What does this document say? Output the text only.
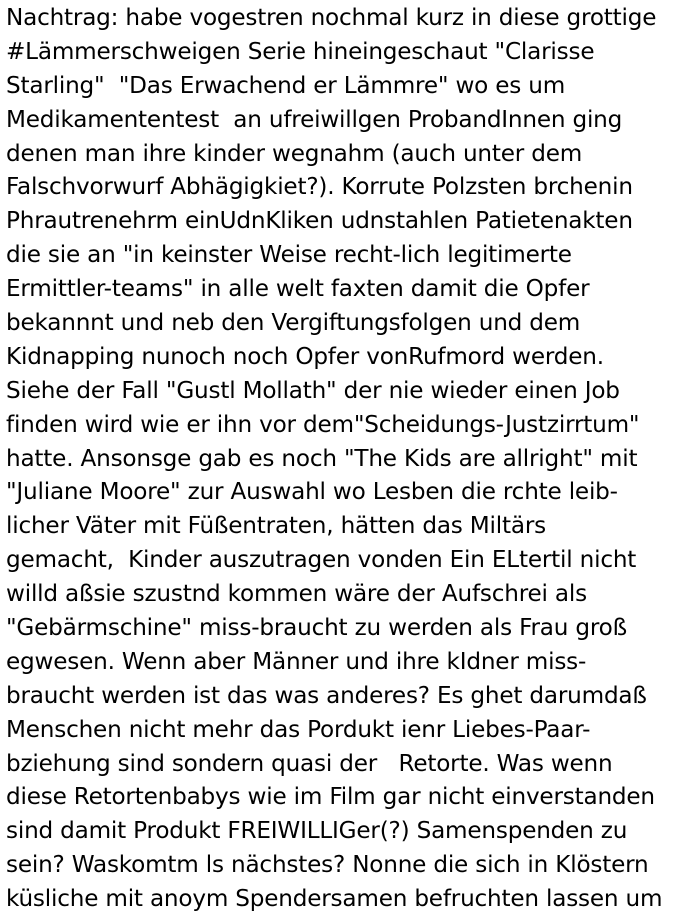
Nachtrag: habe vogestren nochmal kurz in diese grottige
#Lämmerschweigen Serie hineingeschaut "Clarisse
Starling"  "Das Erwachend er Lämmre" wo es um
Medikamententest  an ufreiwillgen ProbandInnen ging
denen man ihre kinder wegnahm (auch unter dem
Falschvorwurf Abhägigkiet?). Korrute Polzsten brchenin
Phrautrenehrm einUdnKliken udnstahlen Patietenakten
die sie an "in keinster Weise recht-lich legitimerte
Ermittler-teams" in alle welt faxten damit die Opfer
bekannnt und neb den Vergiftungsfolgen und dem
Kidnapping nunoch noch Opfer vonRufmord werden.
Siehe der Fall "Gustl Mollath" der nie wieder einen Job
finden wird wie er ihn vor dem"Scheidungs-Justzirrtum"
hatte. Ansonsge gab es noch "The Kids are allright" mit
"Juliane Moore" zur Auswahl wo Lesben die rchte leib-
licher Väter mit Füßentraten, hätten das Miltärs
gemacht,  Kinder auszutragen vonden Ein ELtertil nicht
willd aßsie szustnd kommen wäre der Aufschrei als
"Gebärmschine" miss-braucht zu werden als Frau groß
egwesen. Wenn aber Männer und ihre kIdner miss-
braucht werden ist das was anderes? Es ghet darumdaß
Menschen nicht mehr das Pordukt ienr Liebes-Paar-
bziehung sind sondern quasi der   Retorte. Was wenn
diese Retortenbabys wie im Film gar nicht einverstanden
sind damit Produkt FREIWILLIGer(?) Samenspenden zu
sein? Waskomtm ls nächstes? Nonne die sich in Klöstern
küsliche mit anoym Spendersamen befruchten lassen um
